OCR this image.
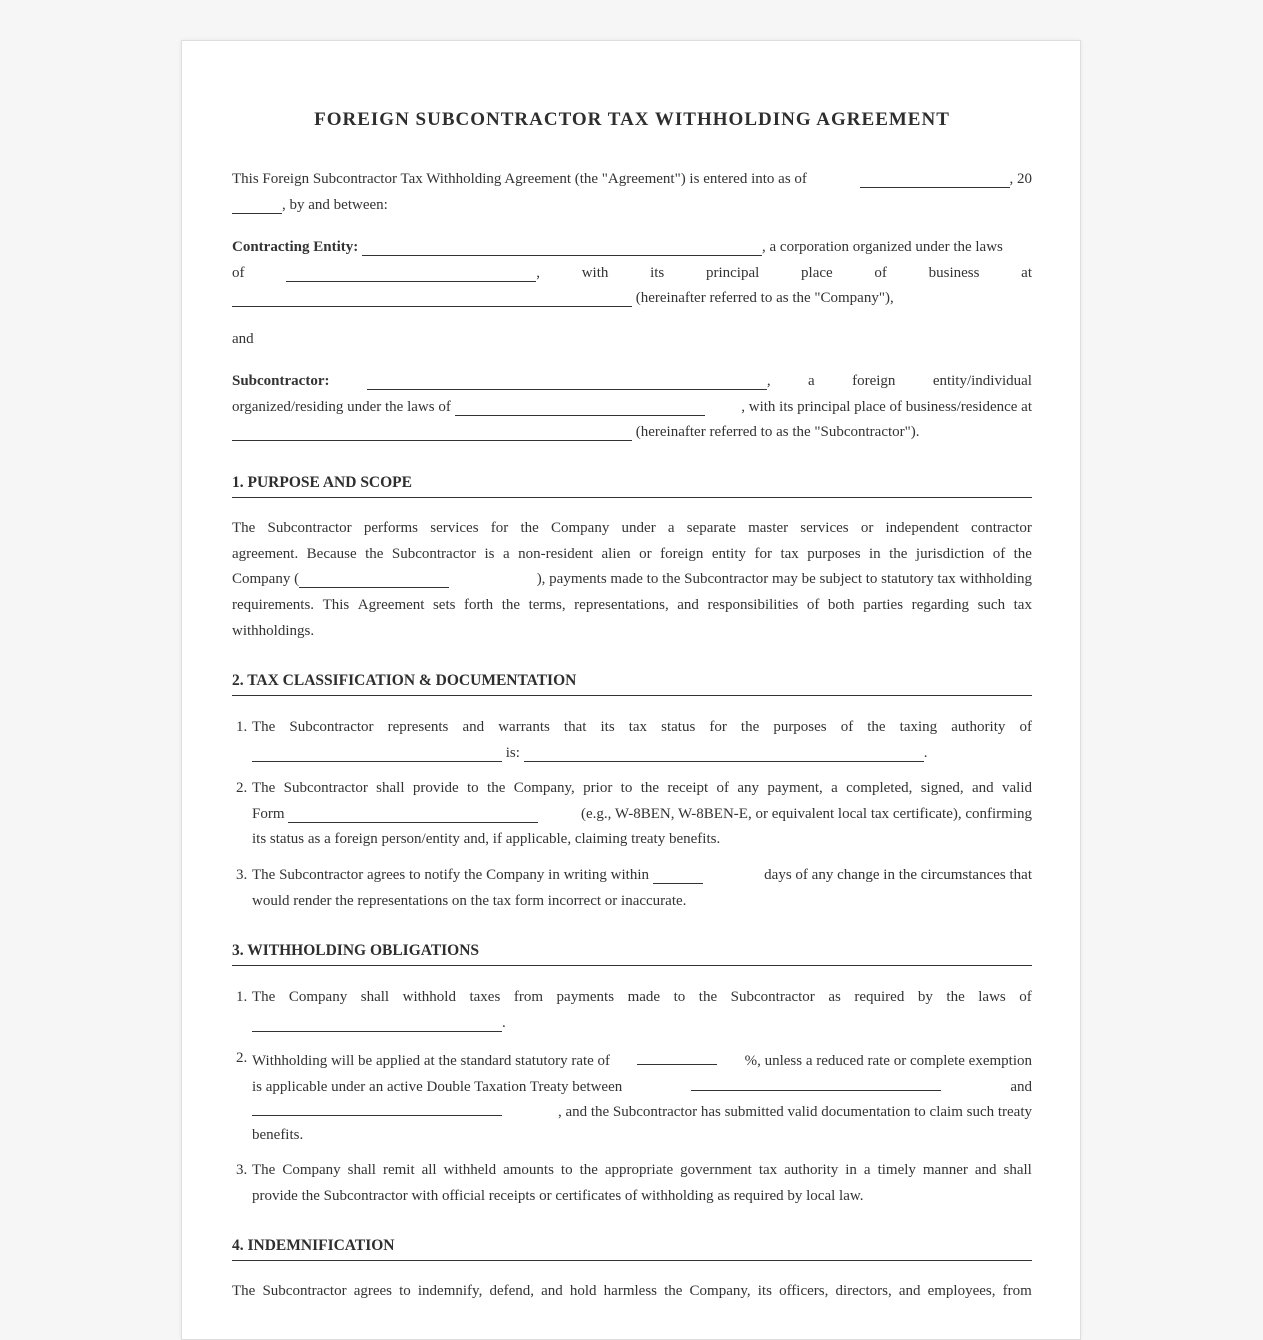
FOREIGN SUBCONTRACTOR TAX WITHHOLDING AGREEMENT
This Foreign Subcontractor Tax Withholding Agreement (the "Agreement") is entered into as of	, 20
, by and between:
Contracting Entity:	, a corporation organized under the laws
of	,	with	its	principal	place	of	business	at
(hereinafter referred to as the "Company"),
and
Subcontractor:	, a foreign entity/individual
organized/residing under the laws of	, with its principal place of business/residence at
(hereinafter referred to as the "Subcontractor").
1. PURPOSE AND SCOPE
The Subcontractor performs services for the Company under a separate master services or independent contractor
agreement. Because the Subcontractor is a non-resident alien or foreign entity for tax purposes in the jurisdiction of the
Company (	), payments made to the Subcontractor may be subject to statutory tax withholding
requirements. This Agreement sets forth the terms, representations, and responsibilities of both parties regarding such tax
withholdings.
2. TAX CLASSIFICATION & DOCUMENTATION
1. The Subcontractor represents and warrants that its tax status for the purposes of the taxing authority of
is:	.
2. The Subcontractor shall provide to the Company, prior to the receipt of any payment, a completed, signed, and valid
Form	(e.g., W-8BEN, W-8BEN-E, or equivalent local tax certificate), confirming
its status as a foreign person/entity and, if applicable, claiming treaty benefits.
3. The Subcontractor agrees to notify the Company in writing within	days of any change in the circumstances that
would render the representations on the tax form incorrect or inaccurate.
3. WITHHOLDING OBLIGATIONS
1. The Company shall withhold taxes from payments made to the Subcontractor as required by the laws of
.
2. Withholding will be applied at the standard statutory rate of	%, unless a reduced rate or complete exemption
is applicable under an active Double Taxation Treaty between	and
, and the Subcontractor has submitted valid documentation to claim such treaty
benefits.
3. The Company shall remit all withheld amounts to the appropriate government tax authority in a timely manner and shall
provide the Subcontractor with official receipts or certificates of withholding as required by local law.
4. INDEMNIFICATION
The Subcontractor agrees to indemnify, defend, and hold harmless the Company, its officers, directors, and employees, from
